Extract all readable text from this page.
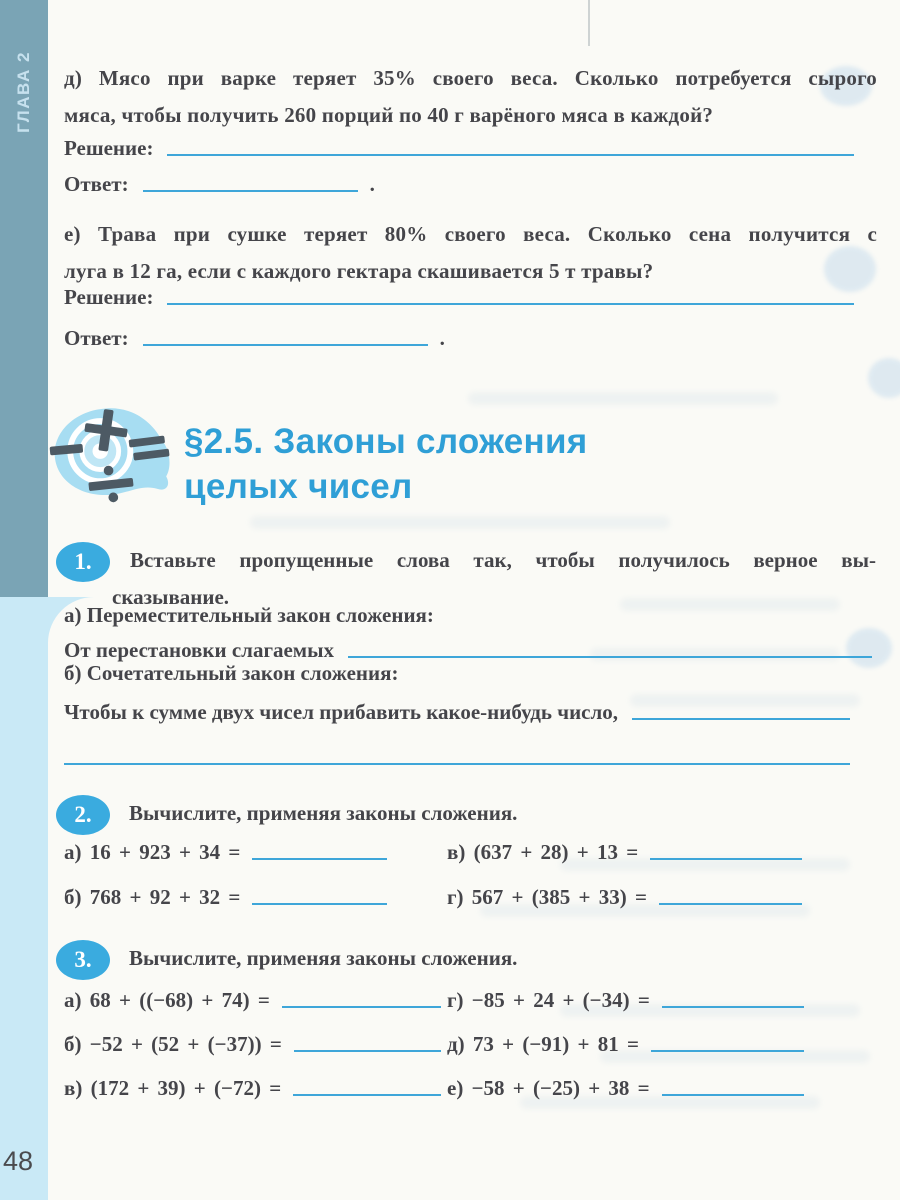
ГЛАВА 2 д) Мясо при варке теряет 35% своего веса. Сколько потребуется сырого
мяса, чтобы получить 260 порций по 40 г варёного мяса в каждой?
Решение:
Ответ:	.
е) Трава при сушке теряет 80% своего веса. Сколько сена получится с
луга в 12 га, если с каждого гектара скашивается 5 т травы?
Решение:
Ответ:	.
§2.5. Законы сложения
целых чисел
1.	Вставьте пропущенные слова так, чтобы получилось верное вы-
сказывание.
а) Переместительный закон сложения:
От перестановки слагаемых
б) Сочетательный закон сложения:
Чтобы к сумме двух чисел прибавить какое-нибудь число,
2. Вычислите, применяя законы сложения.
а) 16 + 923 + 34 =	в) (637 + 28) + 13 =
б) 768 + 92 + 32 =	г) 567 + (385 + 33) =
3. Вычислите, применяя законы сложения.
а) 68 + ((−68) + 74) =	г) −85 + 24 + (−34) =
б) −52 + (52 + (−37)) =	д) 73 + (−91) + 81 =
в) (172 + 39) + (−72) =	е) −58 + (−25) + 38 =
48
